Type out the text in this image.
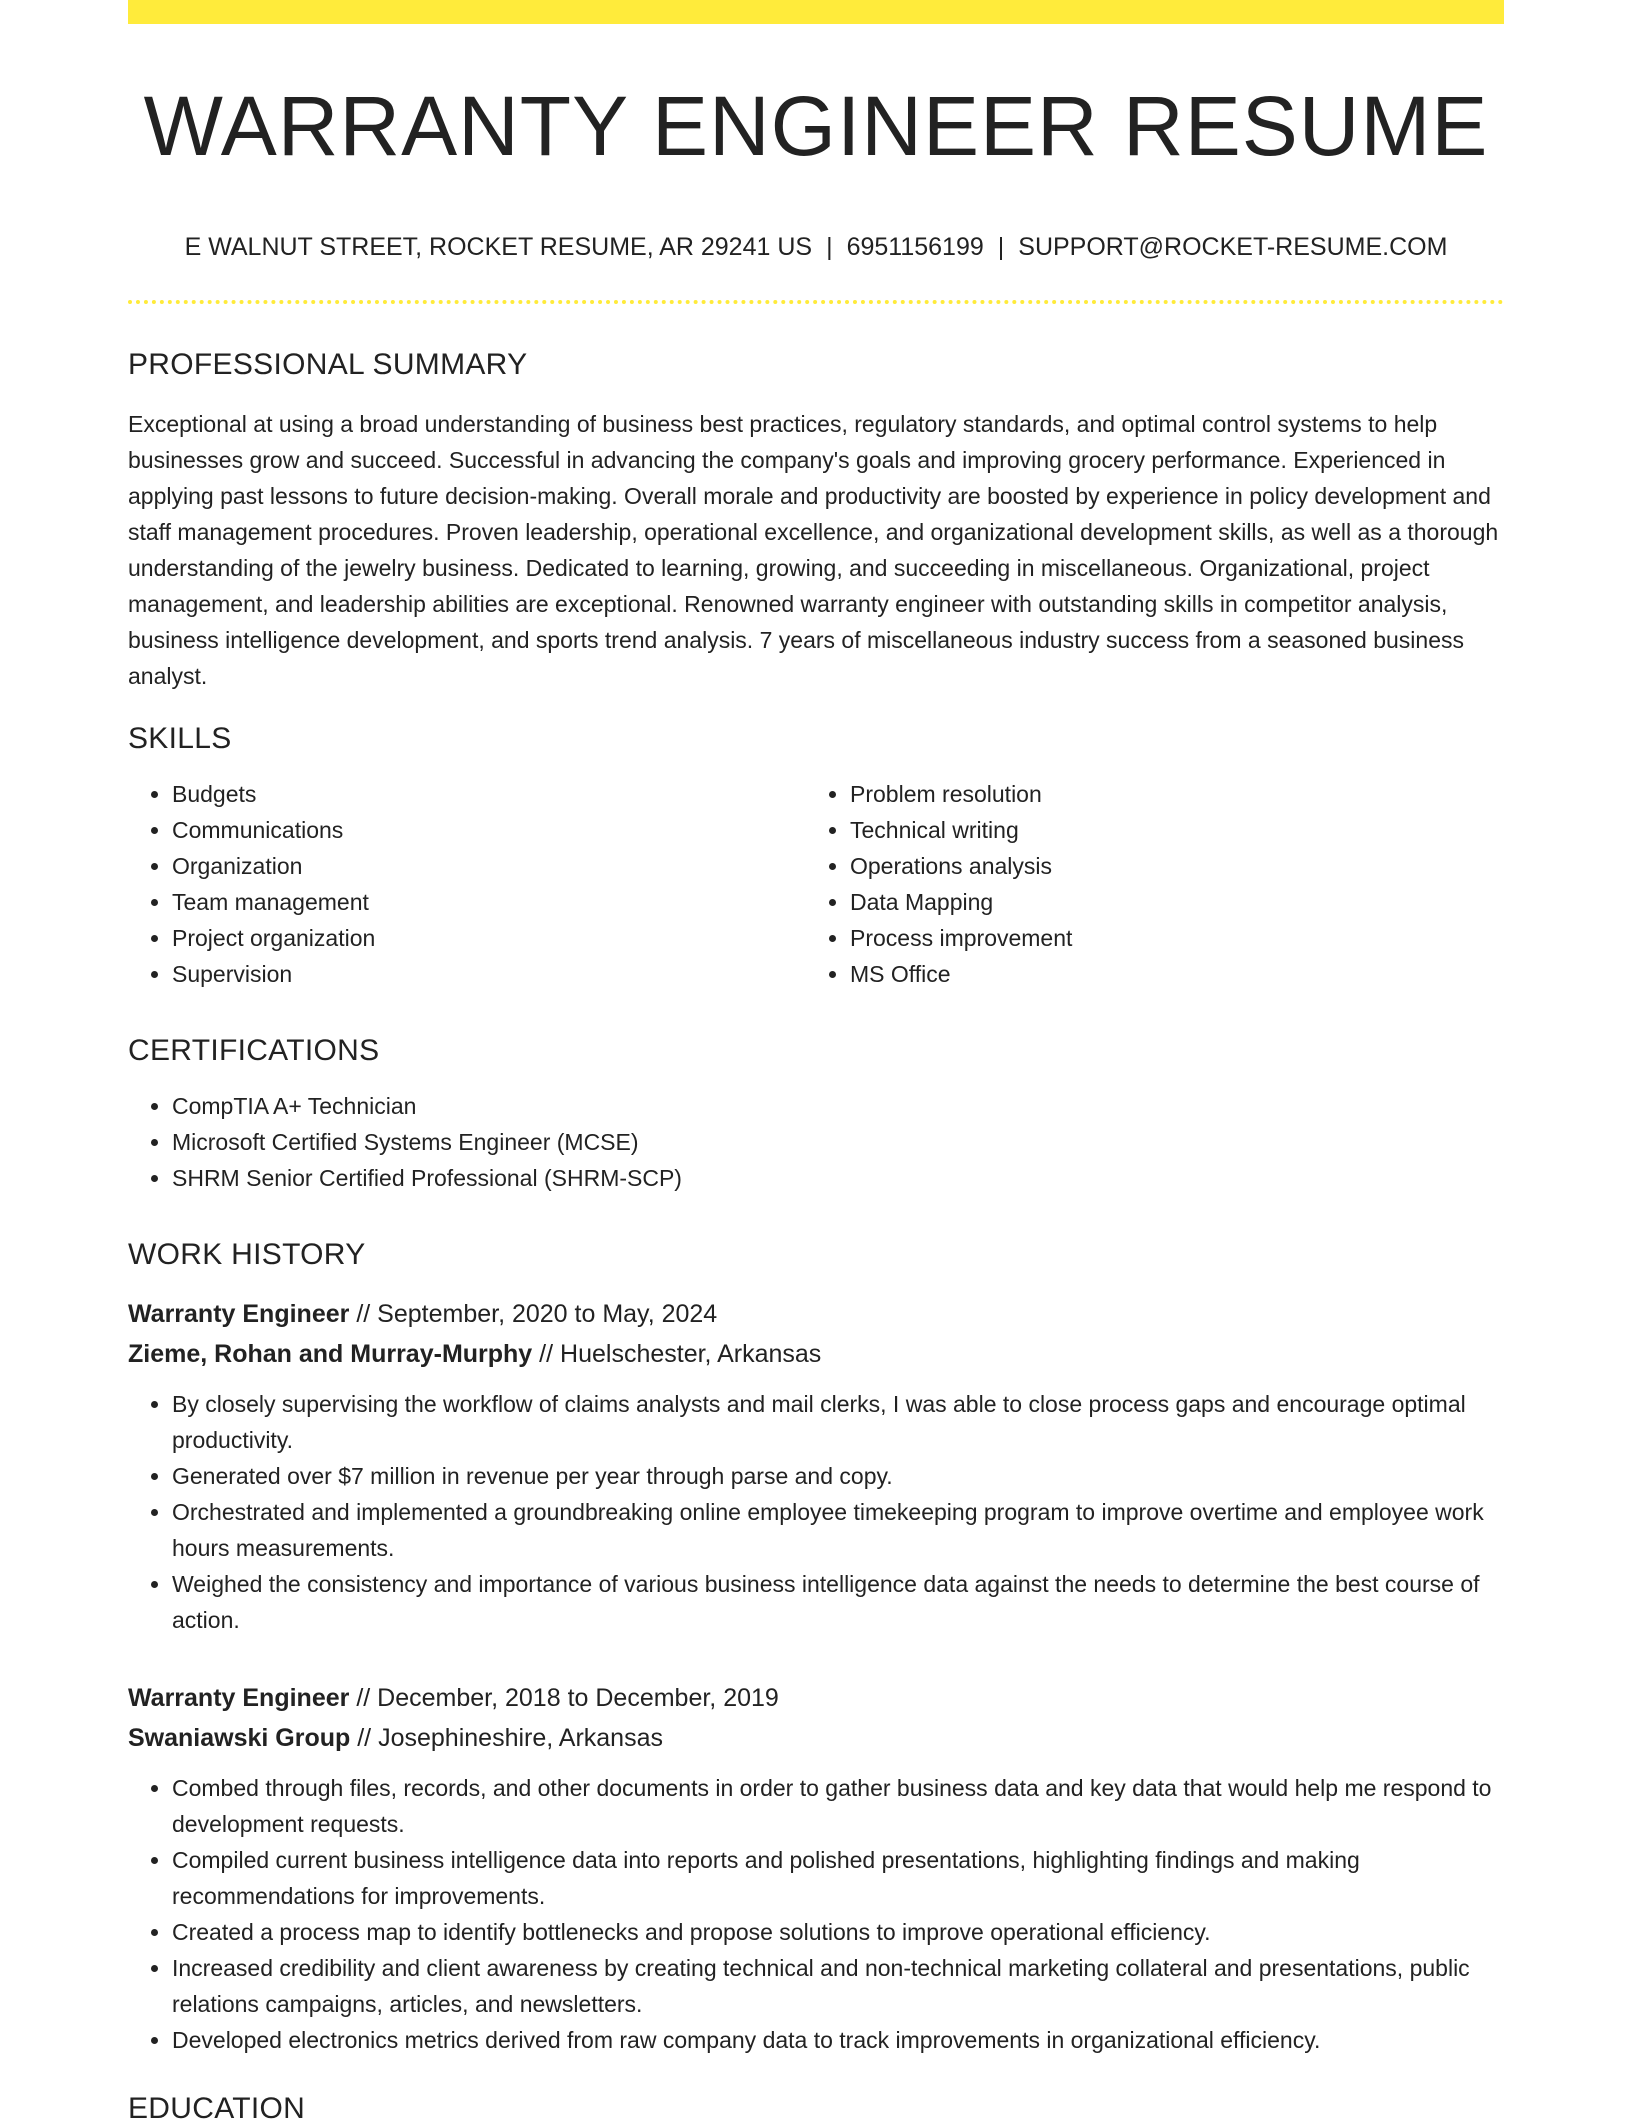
WARRANTY ENGINEER RESUME
E WALNUT STREET, ROCKET RESUME, AR 29241 US | 6951156199 | SUPPORT@ROCKET-RESUME.COM
PROFESSIONAL SUMMARY

Exceptional at using a broad understanding of business best practices, regulatory standards, and optimal control systems to help businesses grow and succeed. Successful in advancing the company's goals and improving grocery performance. Experienced in applying past lessons to future decision-making. Overall morale and productivity are boosted by experience in policy development and staff management procedures. Proven leadership, operational excellence, and organizational development skills, as well as a thorough understanding of the jewelry business. Dedicated to learning, growing, and succeeding in miscellaneous. Organizational, project management, and leadership abilities are exceptional. Renowned warranty engineer with outstanding skills in competitor analysis, business intelligence development, and sports trend analysis. 7 years of miscellaneous industry success from a seasoned business analyst.

SKILLS
• Budgets
• Communications
• Organization
• Team management
• Project organization
• Supervision
• Problem resolution
• Technical writing
• Operations analysis
• Data Mapping
• Process improvement
• MS Office
CERTIFICATIONS
• CompTIA A+ Technician
• Microsoft Certified Systems Engineer (MCSE)
• SHRM Senior Certified Professional (SHRM-SCP)
WORK HISTORY
Warranty Engineer // September, 2020 to May, 2024
Zieme, Rohan and Murray-Murphy // Huelschester, Arkansas
• By closely supervising the workflow of claims analysts and mail clerks, I was able to close process gaps and encourage optimal productivity.
• Generated over $7 million in revenue per year through parse and copy.
• Orchestrated and implemented a groundbreaking online employee timekeeping program to improve overtime and employee work hours measurements.
• Weighed the consistency and importance of various business intelligence data against the needs to determine the best course of action.
Warranty Engineer // December, 2018 to December, 2019
Swaniawski Group // Josephineshire, Arkansas
• Combed through files, records, and other documents in order to gather business data and key data that would help me respond to development requests.
• Compiled current business intelligence data into reports and polished presentations, highlighting findings and making recommendations for improvements.
• Created a process map to identify bottlenecks and propose solutions to improve operational efficiency.
• Increased credibility and client awareness by creating technical and non-technical marketing collateral and presentations, public relations campaigns, articles, and newsletters.
• Developed electronics metrics derived from raw company data to track improvements in organizational efficiency.
EDUCATION
